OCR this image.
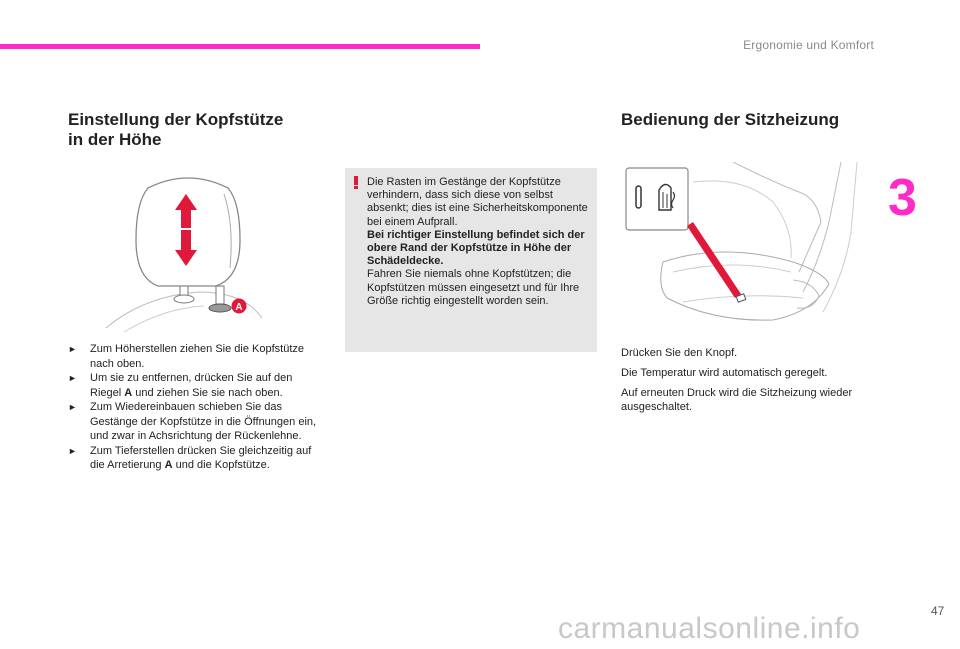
Ergonomie und Komfort
3
Einstellung der Kopfstütze
in der Höhe
A
► Zum Höherstellen ziehen Sie die Kopfstütze nach oben.
► Um sie zu entfernen, drücken Sie auf den Riegel A und ziehen Sie sie nach oben.
► Zum Wiedereinbauen schieben Sie das Gestänge der Kopfstütze in die Öffnungen ein, und zwar in Achsrichtung der Rückenlehne.
► Zum Tieferstellen drücken Sie gleichzeitig auf die Arretierung A und die Kopfstütze.

Die Rasten im Gestänge der Kopfstütze verhindern, dass sich diese von selbst absenkt; dies ist eine Sicherheitskomponente bei einem Aufprall.
Bei richtiger Einstellung befindet sich der obere Rand der Kopfstütze in Höhe der Schädeldecke.
Fahren Sie niemals ohne Kopfstützen; die Kopfstützen müssen eingesetzt und für Ihre Größe richtig eingestellt worden sein.

Bedienung der Sitzheizung

Drücken Sie den Knopf.

Die Temperatur wird automatisch geregelt.

Auf erneuten Druck wird die Sitzheizung wieder ausgeschaltet.

47
carmanualsonline.info
